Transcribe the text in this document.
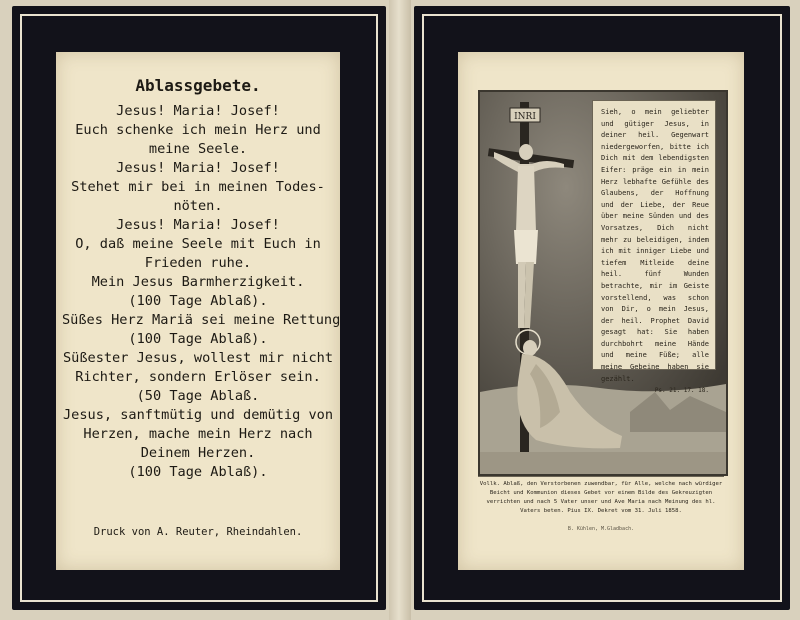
Ablassgebete.
Jesus! Maria! Josef!
Euch schenke ich mein Herz und
meine Seele.
Jesus! Maria! Josef!
Stehet mir bei in meinen Todes-
nöten.
Jesus! Maria! Josef!
O, daß meine Seele mit Euch in
Frieden ruhe.
Mein Jesus Barmherzigkeit.
(100 Tage Ablaß).
Süßes Herz Mariä sei meine Rettung
(100 Tage Ablaß).
Süßester Jesus, wollest mir nicht
Richter, sondern Erlöser sein.
(50 Tage Ablaß.
Jesus, sanftmütig und demütig von
Herzen, mache mein Herz nach
Deinem Herzen.
(100 Tage Ablaß).
Druck von A. Reuter, Rheindahlen.
INRI	Sieh, o mein geliebter und gütiger Jesus, in deiner heil. Gegenwart niedergeworfen, bitte ich Dich mit dem lebendigsten Eifer: präge ein in mein Herz lebhafte Gefühle des Glaubens, der Hoffnung und der Liebe, der Reue über meine Sünden und des Vorsatzes, Dich nicht mehr zu beleidigen, indem ich mit inniger Liebe und tiefem Mitleide deine heil. fünf Wunden betrachte, mir im Geiste vorstellend, was schon von Dir, o mein Jesus, der heil. Prophet David gesagt hat: Sie haben durchbohrt meine Hände und meine Füße; alle meine Gebeine haben sie gezählt.
Ps. 21. 17. 18.
Vollk. Ablaß, den Verstorbenen zuwendbar, für Alle, welche nach würdiger Beicht und Kommunion dieses Gebet vor einem Bilde des Gekreuzigten verrichten und nach 5 Vater unser und Ave Maria nach Meinung des hl. Vaters beten. Pius IX. Dekret vom 31. Juli 1858.
B. Kühlen, M.Gladbach.
